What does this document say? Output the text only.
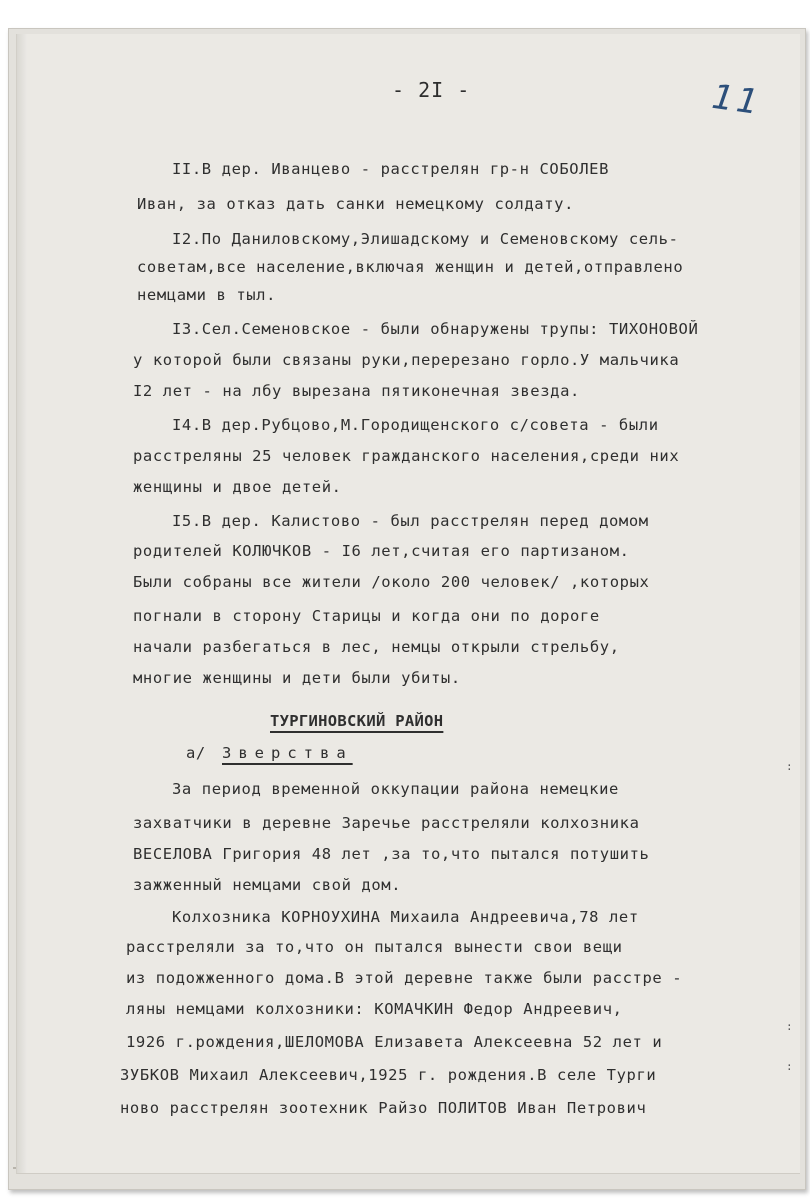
- 2I -	11
II.В дер. Иванцево - расстрелян гр-н СОБОЛЕВ
Иван, за отказ дать санки немецкому солдату.
I2.По Даниловскому,Элишадскому и Семеновскому сель-
советам,все население,включая женщин и детей,отправлено
немцами в тыл.
I3.Сел.Семеновское - были обнаружены трупы: ТИХОНОВОЙ
у которой были связаны руки,перерезано горло.У мальчика
I2 лет - на лбу вырезана пятиконечная звезда.
I4.В дер.Рубцово,М.Городищенского с/совета - были
расстреляны 25 человек гражданского населения,среди них
женщины и двое детей.
I5.В дер. Калистово - был расстрелян перед домом
родителей КОЛЮЧКОВ - I6 лет,считая его партизаном.
Были собраны все жители /около 200 человек/ ,которых
погнали в сторону Старицы и когда они по дороге
начали разбегаться в лес, немцы открыли стрельбу,
многие женщины и дети были убиты.
ТУРГИНОВСКИЙ РАЙОН
а/ Зверства
За период временной оккупации района немецкие
захватчики в деревне Заречье расстреляли колхозника
ВЕСЕЛОВА Григория 48 лет ,за то,что пытался потушить
зажженный немцами свой дом.
Колхозника КОРНОУХИНА Михаила Андреевича,78 лет
расстреляли за то,что он пытался вынести свои вещи
из подожженного дома.В этой деревне также были расстре -
ляны немцами колхозники: КОМАЧКИН Федор Андреевич,
1926 г.рождения,ШЕЛОМОВА Елизавета Алексеевна 52 лет и
ЗУБКОВ Михаил Алексеевич,1925 г. рождения.В селе Турги
ново расстрелян зоотехник Райзо ПОЛИТОВ Иван Петрович
:
:
:
